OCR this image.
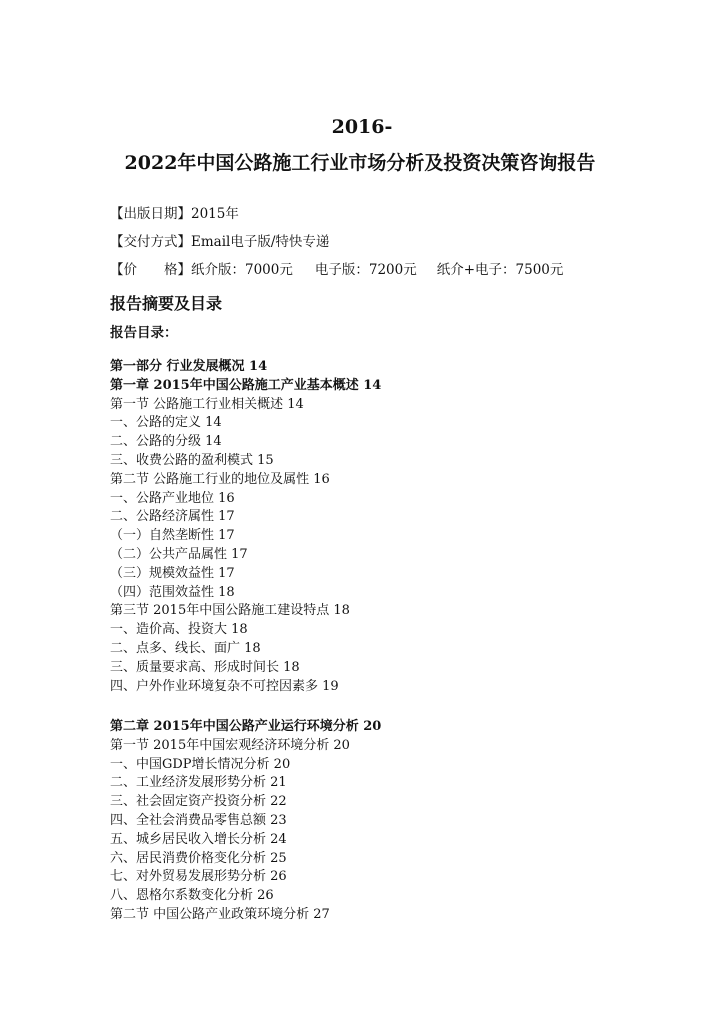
2016-
2022年中国公路施工行业市场分析及投资决策咨询报告
【出版日期】2015年
【交付方式】Email电子版/特快专递
【价　　格】纸介版：7000元 电子版：7200元 纸介+电子：7500元
报告摘要及目录
报告目录：
第一部分 行业发展概况 14
第一章 2015年中国公路施工产业基本概述 14
第一节 公路施工行业相关概述 14
一、公路的定义 14
二、公路的分级 14
三、收费公路的盈利模式 15
第二节 公路施工行业的地位及属性 16
一、公路产业地位 16
二、公路经济属性 17
（一）自然垄断性 17
（二）公共产品属性 17
（三）规模效益性 17
（四）范围效益性 18
第三节 2015年中国公路施工建设特点 18
一、造价高、投资大 18
二、点多、线长、面广 18
三、质量要求高、形成时间长 18
四、户外作业环境复杂不可控因素多 19
第二章 2015年中国公路产业运行环境分析 20
第一节 2015年中国宏观经济环境分析 20
一、中国GDP增长情况分析 20
二、工业经济发展形势分析 21
三、社会固定资产投资分析 22
四、全社会消费品零售总额 23
五、城乡居民收入增长分析 24
六、居民消费价格变化分析 25
七、对外贸易发展形势分析 26
八、恩格尔系数变化分析 26
第二节 中国公路产业政策环境分析 27
